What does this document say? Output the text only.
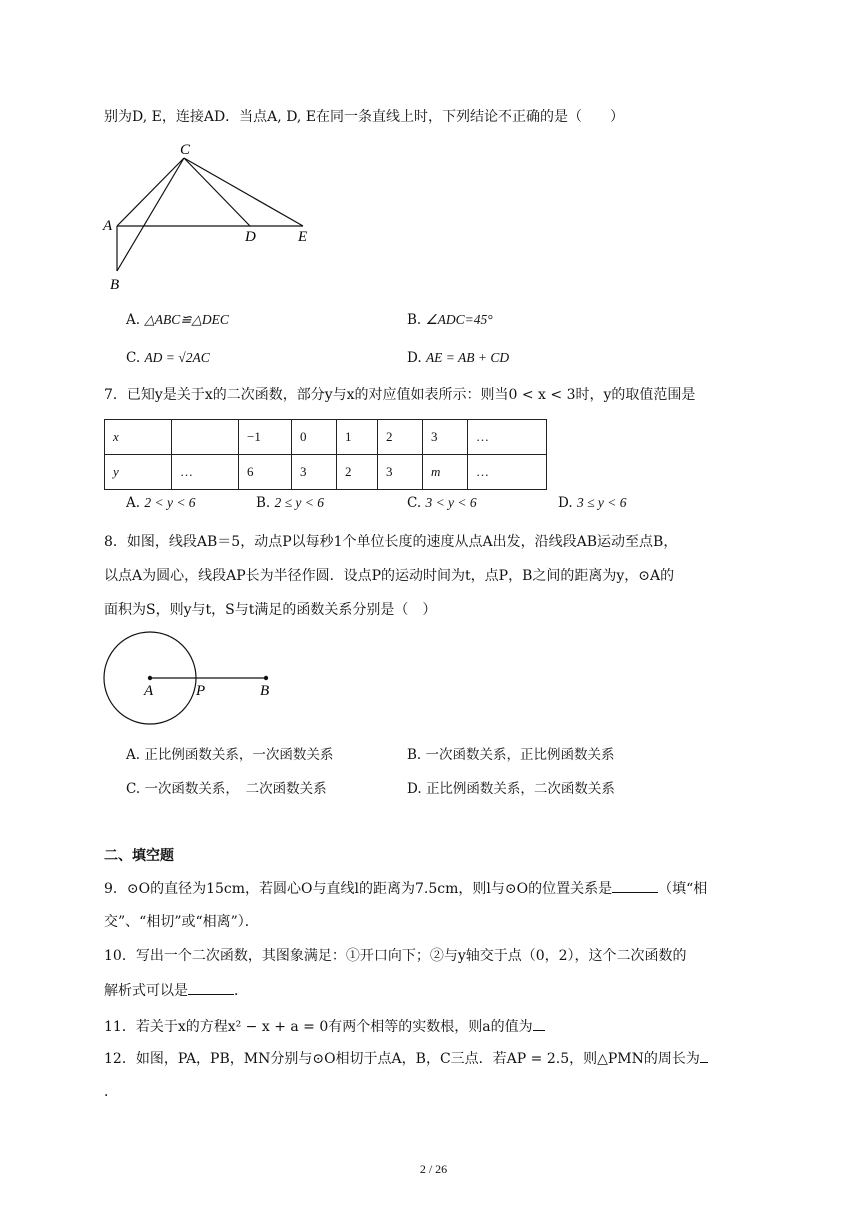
别为D, E，连接AD．当点A, D, E在同一条直线上时，下列结论不正确的是（　　）
C
A
B
D	E
A. △ABC≌△DEC	B. ∠ADC=45°
C. AD = √2AC	D. AE = AB + CD
7．已知y是关于x的二次函数，部分y与x的对应值如表所示：则当0 < x < 3时，y的取值范围是
x		−1	0	1	2	3	…
y	…	6	3	2	3	m	…
A. 2 < y < 6	B. 2 ≤ y < 6	C. 3 < y < 6	D. 3 ≤ y < 6
8．如图，线段AB＝5，动点P以每秒1个单位长度的速度从点A出发，沿线段AB运动至点B，
以点A为圆心，线段AP长为半径作圆．设点P的运动时间为t，点P，B之间的距离为y，⊙A的
面积为S，则y与t，S与t满足的函数关系分别是（　）
A	P	B
A. 正比例函数关系，一次函数关系	B. 一次函数关系，正比例函数关系
C. 一次函数关系，　二次函数关系	D. 正比例函数关系，二次函数关系
二、填空题
9．⊙O的直径为15cm，若圆心O与直线l的距离为7.5cm，则l与⊙O的位置关系是	（填“相
交”、“相切”或“相离”）．
10．写出一个二次函数，其图象满足：①开口向下；②与y轴交于点（0，2），这个二次函数的
解析式可以是	．
11．若关于x的方程x² − x + a = 0有两个相等的实数根，则a的值为
12．如图，PA，PB，MN分别与⊙O相切于点A，B，C三点．若AP = 2.5，则△PMN的周长为
．
2 / 26
